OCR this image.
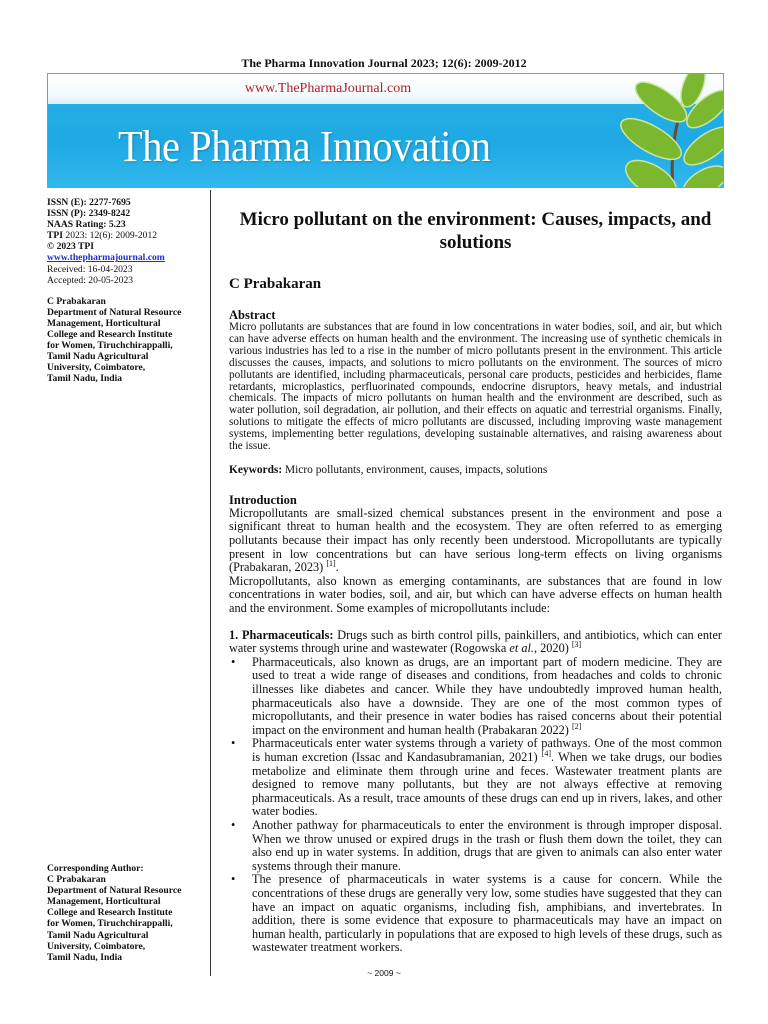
The Pharma Innovation Journal 2023; 12(6): 2009-2012
www.ThePharmaJournal.com
The Pharma Innovation
ISSN (E): 2277-7695
ISSN (P): 2349-8242
NAAS Rating: 5.23
TPI 2023: 12(6): 2009-2012
© 2023 TPI
www.thepharmajournal.com
Received: 16-04-2023
Accepted: 20-05-2023
C Prabakaran
Department of Natural Resource
Management, Horticultural
College and Research Institute
for Women, Tiruchchirappalli,
Tamil Nadu Agricultural
University, Coimbatore,
Tamil Nadu, India
Corresponding Author:
C Prabakaran
Department of Natural Resource
Management, Horticultural
College and Research Institute
for Women, Tiruchchirappalli,
Tamil Nadu Agricultural
University, Coimbatore,
Tamil Nadu, India
Micro pollutant on the environment: Causes, impacts, and solutions
C Prabakaran
Abstract
Micro pollutants are substances that are found in low concentrations in water bodies, soil, and air, but which can have adverse effects on human health and the environment. The increasing use of synthetic chemicals in various industries has led to a rise in the number of micro pollutants present in the environment. This article discusses the causes, impacts, and solutions to micro pollutants on the environment. The sources of micro pollutants are identified, including pharmaceuticals, personal care products, pesticides and herbicides, flame retardants, microplastics, perfluorinated compounds, endocrine disruptors, heavy metals, and industrial chemicals. The impacts of micro pollutants on human health and the environment are described, such as water pollution, soil degradation, air pollution, and their effects on aquatic and terrestrial organisms. Finally, solutions to mitigate the effects of micro pollutants are discussed, including improving waste management systems, implementing better regulations, developing sustainable alternatives, and raising awareness about the issue.
Keywords: Micro pollutants, environment, causes, impacts, solutions
Introduction
Micropollutants are small-sized chemical substances present in the environment and pose a significant threat to human health and the ecosystem. They are often referred to as emerging pollutants because their impact has only recently been understood. Micropollutants are typically present in low concentrations but can have serious long-term effects on living organisms (Prabakaran, 2023) [1].
Micropollutants, also known as emerging contaminants, are substances that are found in low concentrations in water bodies, soil, and air, but which can have adverse effects on human health and the environment. Some examples of micropollutants include:
1. Pharmaceuticals: Drugs such as birth control pills, painkillers, and antibiotics, which can enter water systems through urine and wastewater (Rogowska et al., 2020) [3]
• Pharmaceuticals, also known as drugs, are an important part of modern medicine. They are used to treat a wide range of diseases and conditions, from headaches and colds to chronic illnesses like diabetes and cancer. While they have undoubtedly improved human health, pharmaceuticals also have a downside. They are one of the most common types of micropollutants, and their presence in water bodies has raised concerns about their potential impact on the environment and human health (Prabakaran 2022) [2]
• Pharmaceuticals enter water systems through a variety of pathways. One of the most common is human excretion (Issac and Kandasubramanian, 2021) [4]. When we take drugs, our bodies metabolize and eliminate them through urine and feces. Wastewater treatment plants are designed to remove many pollutants, but they are not always effective at removing pharmaceuticals. As a result, trace amounts of these drugs can end up in rivers, lakes, and other water bodies.
• Another pathway for pharmaceuticals to enter the environment is through improper disposal. When we throw unused or expired drugs in the trash or flush them down the toilet, they can also end up in water systems. In addition, drugs that are given to animals can also enter water systems through their manure.
• The presence of pharmaceuticals in water systems is a cause for concern. While the concentrations of these drugs are generally very low, some studies have suggested that they can have an impact on aquatic organisms, including fish, amphibians, and invertebrates. In addition, there is some evidence that exposure to pharmaceuticals may have an impact on human health, particularly in populations that are exposed to high levels of these drugs, such as wastewater treatment workers.
~ 2009 ~
